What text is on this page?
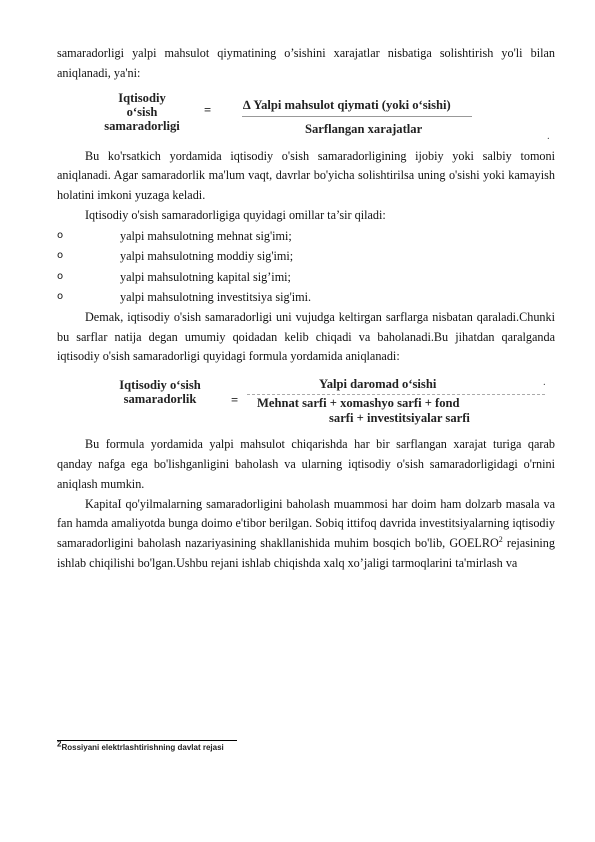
samaradorligi yalpi mahsulot qiymatining o’sishini xarajatlar nisbatiga solishtirish yo'li bilan aniqlanadi, ya'ni:

Iqtisodiy
o‘sish
samaradorligi
=	∆ Yalpi mahsulot qiymati (yoki o‘sishi)
Sarflangan xarajatlar	.

Bu ko'rsatkich yordamida iqtisodiy o'sish samaradorligining ijobiy yoki salbiy tomoni aniqlanadi. Agar samaradorlik ma'lum vaqt, davrlar bo'yicha solishtirilsa uning o'sishi yoki kamayish holatini imkoni yuzaga keladi.

Iqtisodiy o'sish samaradorligiga quyidagi omillar ta’sir qiladi:

o	yalpi mahsulotning mehnat sig'imi;
o	yalpi mahsulotning moddiy sig'imi;
o	yalpi mahsulotning kapital sig’imi;
o	yalpi mahsulotning investitsiya sig'imi.

Demak, iqtisodiy o'sish samaradorligi uni vujudga keltirgan sarflarga nisbatan qaraladi.Chunki bu sarflar natija degan umumiy qoidadan kelib chiqadi va baholanadi.Bu jihatdan qaralganda iqtisodiy o'sish samaradorligi quyidagi formula yordamida aniqlanadi:

Iqtisodiy o‘sish
samaradorlik	=
Yalpi daromad o‘sishi
Mehnat sarfi + xomashyo sarfi + fond
sarfi + investitsiyalar sarfi
.

Bu formula yordamida yalpi mahsulot chiqarishda har bir sarflangan xarajat turiga qarab qanday nafga ega bo'lishganligini baholash va ularning iqtisodiy o'sish samaradorligidagi o'rnini aniqlash mumkin.

KapitaI qo'yilmalarning samaradorligini baholash muammosi har doim ham dolzarb masala va fan hamda amaliyotda bunga doimo e'tibor berilgan. Sobiq ittifoq davrida investitsiyalarning iqtisodiy samaradorligini baholash nazariyasining shakllanishida muhim bosqich bo'lib, GOELRO$^2$ rejasining ishlab chiqilishi bo'lgan.Ushbu rejani ishlab chiqishda xalq xo’jaligi tarmoqlarini ta'mirlash va

$^2$Rossiyani elektrlashtirishning davlat rejasi
